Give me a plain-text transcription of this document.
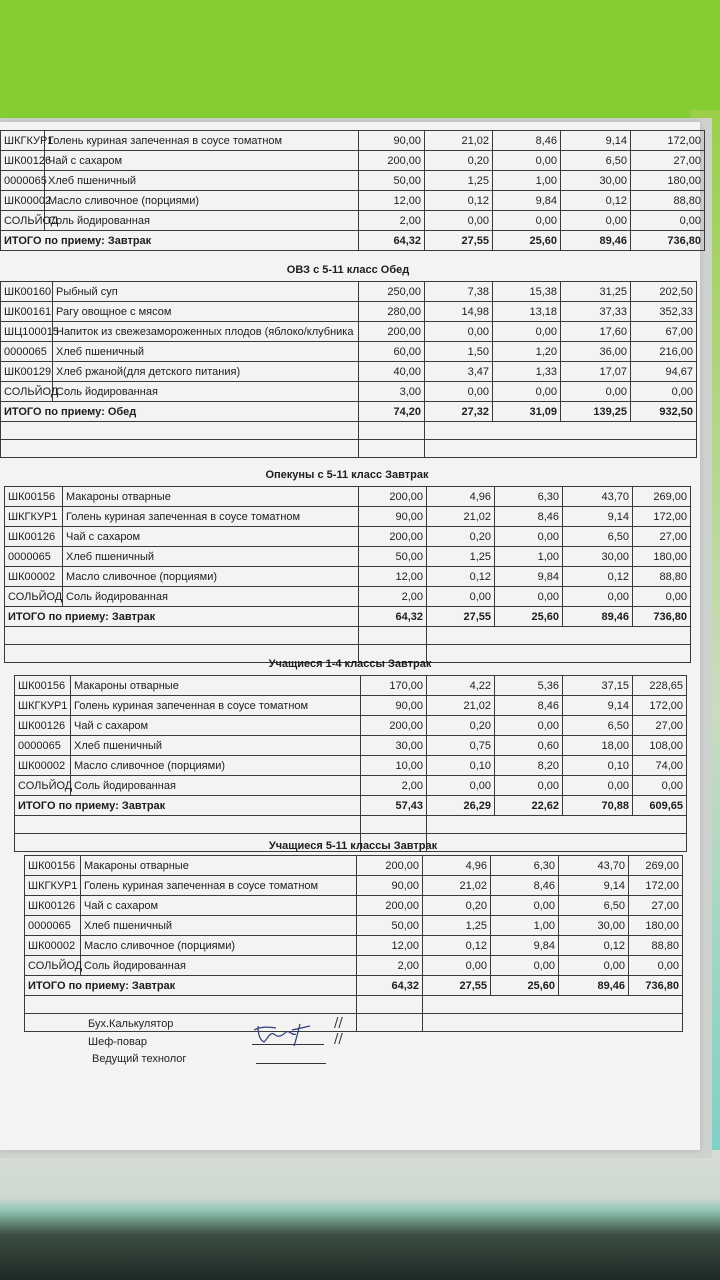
ШКГКУР1	Голень куриная запеченная в соусе томатном	90,00	21,02	8,46	9,14	172,00
ШК00126	Чай с сахаром	200,00	0,20	0,00	6,50	27,00
0000065	Хлеб пшеничный	50,00	1,25	1,00	30,00	180,00
ШК00002	Масло сливочное (порциями)	12,00	0,12	9,84	0,12	88,80
СОЛЬЙОД	Соль йодированная	2,00	0,00	0,00	0,00	0,00
ИТОГО по приему: Завтрак		64,32	27,55	25,60	89,46	736,80
ОВЗ с 5-11 класс Обед
ШК00160	Рыбный суп	250,00	7,38	15,38	31,25	202,50
ШК00161	Рагу овощное с мясом	280,00	14,98	13,18	37,33	352,33
ШЦ100015	Напиток из свежезамороженных плодов (яблоко/клубника	200,00	0,00	0,00	17,60	67,00
0000065	Хлеб пшеничный	60,00	1,50	1,20	36,00	216,00
ШК00129	Хлеб ржаной(для детского питания)	40,00	3,47	1,33	17,07	94,67
СОЛЬЙОД	Соль йодированная	3,00	0,00	0,00	0,00	0,00
ИТОГО по приему: Обед		74,20	27,32	31,09	139,25	932,50

Опекуны с 5-11 класс Завтрак
ШК00156	Макароны отварные	200,00	4,96	6,30	43,70	269,00
ШКГКУР1	Голень куриная запеченная в соусе томатном	90,00	21,02	8,46	9,14	172,00
ШК00126	Чай с сахаром	200,00	0,20	0,00	6,50	27,00
0000065	Хлеб пшеничный	50,00	1,25	1,00	30,00	180,00
ШК00002	Масло сливочное (порциями)	12,00	0,12	9,84	0,12	88,80
СОЛЬЙОД	Соль йодированная	2,00	0,00	0,00	0,00	0,00
ИТОГО по приему: Завтрак		64,32	27,55	25,60	89,46	736,80

Учащиеся 1-4 классы Завтрак
ШК00156	Макароны отварные	170,00	4,22	5,36	37,15	228,65
ШКГКУР1	Голень куриная запеченная в соусе томатном	90,00	21,02	8,46	9,14	172,00
ШК00126	Чай с сахаром	200,00	0,20	0,00	6,50	27,00
0000065	Хлеб пшеничный	30,00	0,75	0,60	18,00	108,00
ШК00002	Масло сливочное (порциями)	10,00	0,10	8,20	0,10	74,00
СОЛЬЙОД	Соль йодированная	2,00	0,00	0,00	0,00	0,00
ИТОГО по приему: Завтрак		57,43	26,29	22,62	70,88	609,65

Учащиеся 5-11 классы Завтрак
ШК00156	Макароны отварные	200,00	4,96	6,30	43,70	269,00
ШКГКУР1	Голень куриная запеченная в соусе томатном	90,00	21,02	8,46	9,14	172,00
ШК00126	Чай с сахаром	200,00	0,20	0,00	6,50	27,00
0000065	Хлеб пшеничный	50,00	1,25	1,00	30,00	180,00
ШК00002	Масло сливочное (порциями)	12,00	0,12	9,84	0,12	88,80
СОЛЬЙОД	Соль йодированная	2,00	0,00	0,00	0,00	0,00
ИТОГО по приему: Завтрак		64,32	27,55	25,60	89,46	736,80

Бух.Калькулятор
Шеф-повар
Ведущий технолог
//
//
